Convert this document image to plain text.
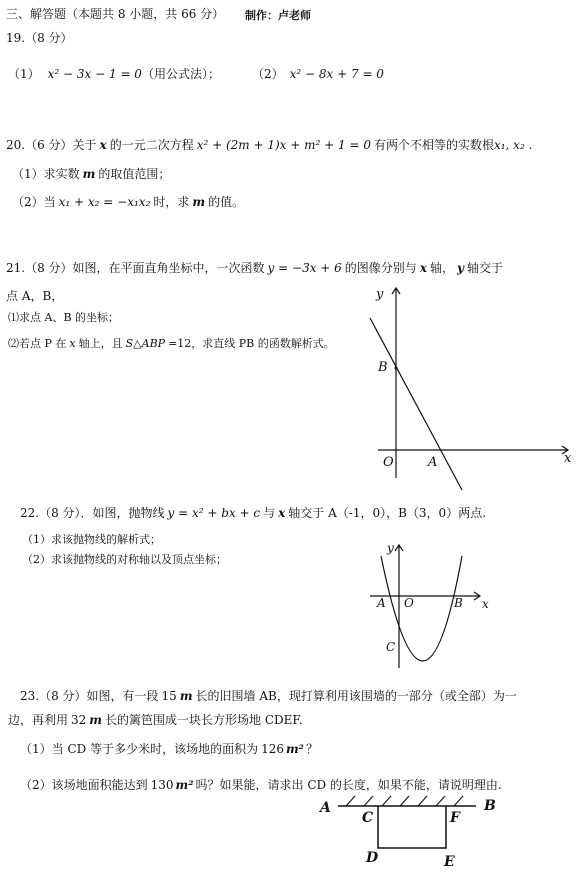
三、解答题（本题共 8 小题，共 66 分） 制作：卢老师
19.（8 分）
（1） x² − 3x − 1 = 0（用公式法）；	（2） x² − 8x + 7 = 0
20.（6 分）关于 x 的一元二次方程 x² + (2m + 1)x + m² + 1 = 0 有两个不相等的实数根x₁, x₂ .
（1）求实数 m 的取值范围；
（2）当 x₁ + x₂ = −x₁x₂ 时，求 m 的值。
21.（8 分）如图，在平面直角坐标中，一次函数 y = −3x + 6 的图像分别与 x 轴， y 轴交于
点 A，B，
⑴求点 A、B 的坐标；
⑵若点 P 在 x 轴上，且 S△ABP =12，求直线 PB 的函数解析式。
y
x
B
A
O
22.（8 分）．如图，抛物线 y = x² + bx + c 与 x 轴交于 A（-1，0），B（3，0）两点.
（1）求该抛物线的解析式；
（2）求该抛物线的对称轴以及顶点坐标；
y
x
A O	B
C
23.（8 分）如图，有一段 15 m 长的旧围墙 AB，现打算利用该围墙的一部分（或全部）为一
边，再利用 32 m 长的篱笆围成一块长方形场地 CDEF.
（1）当 CD 等于多少米时，该场地的面积为 126 m² ？
（2）该场地面积能达到 130 m² 吗？如果能，请求出 CD 的长度，如果不能，请说明理由.
A	B
C	F
D	E
